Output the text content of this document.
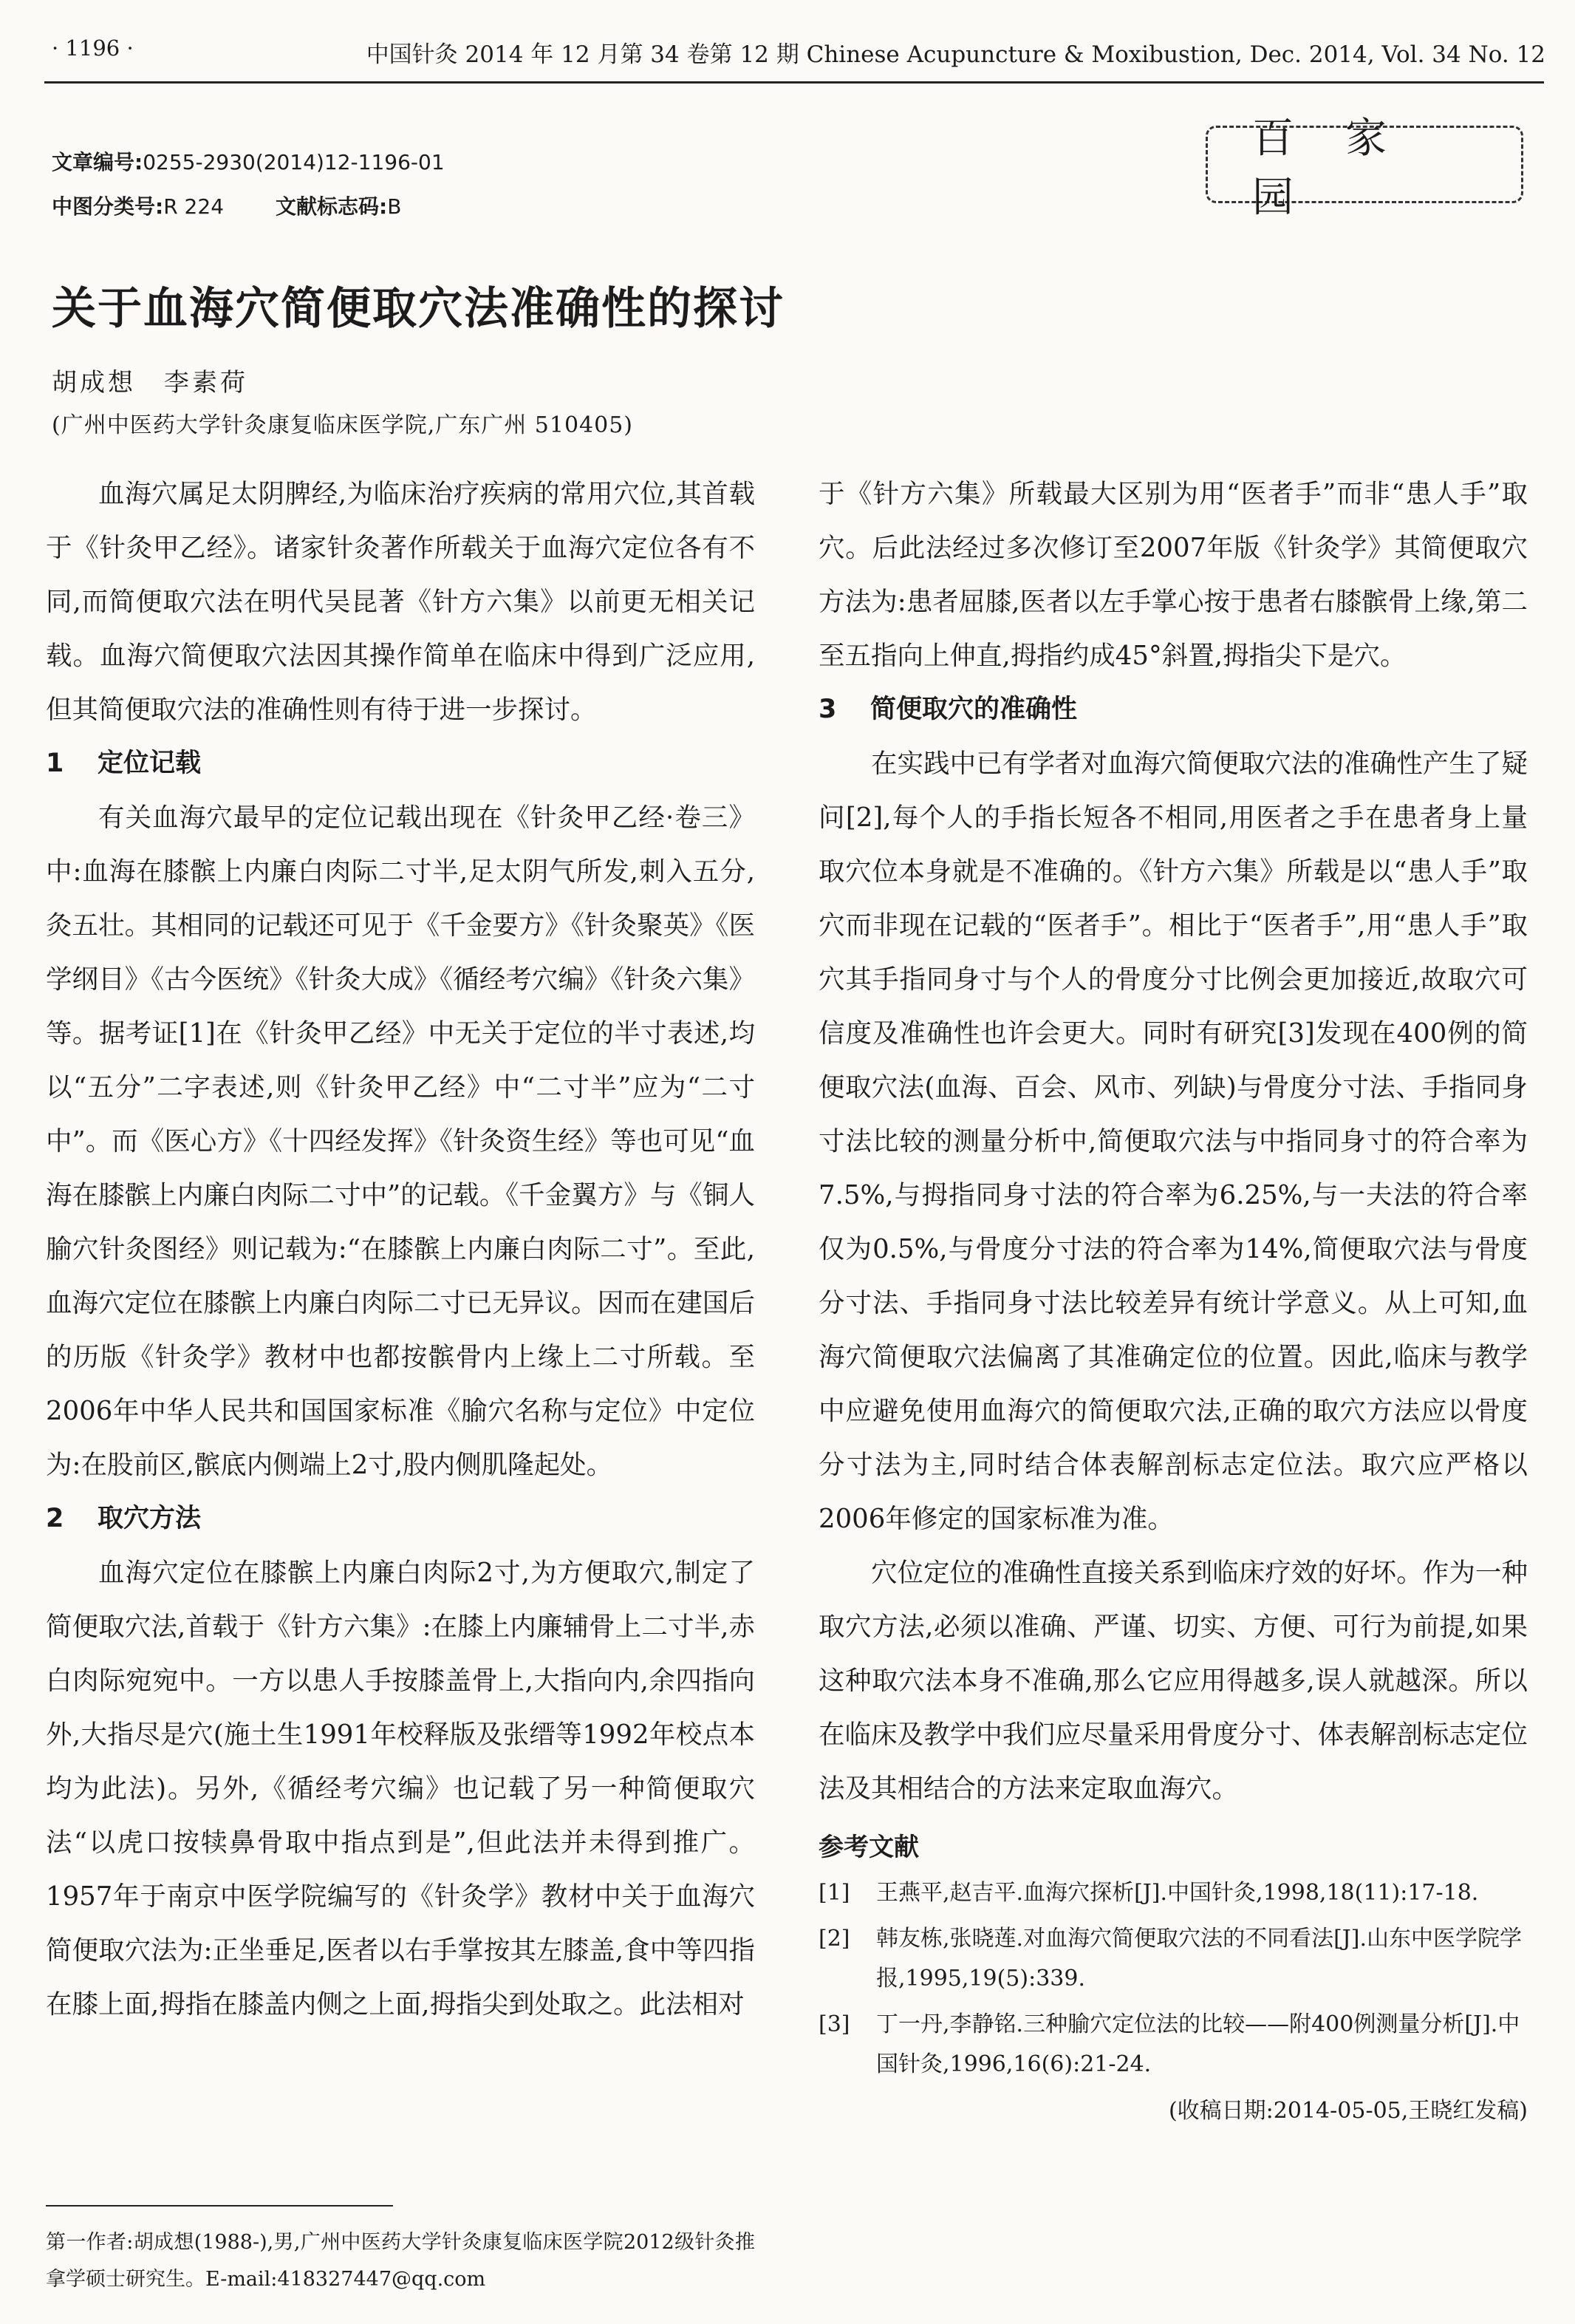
· 1196 ·	中国针灸 2014 年 12 月第 34 卷第 12 期 Chinese Acupuncture & Moxibustion, Dec. 2014, Vol. 34 No. 12
文章编号:0255-2930(2014)12-1196-01
中图分类号:R 224	文献标志码:B
百家园
关于血海穴简便取穴法准确性的探讨
胡成想　李素荷
(广州中医药大学针灸康复临床医学院,广东广州 510405)

血海穴属足太阴脾经,为临床治疗疾病的常用穴位,其首载于《针灸甲乙经》。诸家针灸著作所载关于血海穴定位各有不同,而简便取穴法在明代吴昆著《针方六集》以前更无相关记载。血海穴简便取穴法因其操作简单在临床中得到广泛应用,但其简便取穴法的准确性则有待于进一步探讨。

1 定位记载

有关血海穴最早的定位记载出现在《针灸甲乙经·卷三》中:血海在膝髌上内廉白肉际二寸半,足太阴气所发,刺入五分,灸五壮。其相同的记载还可见于《千金要方》《针灸聚英》《医学纲目》《古今医统》《针灸大成》《循经考穴编》《针灸六集》等。据考证[1]在《针灸甲乙经》中无关于定位的半寸表述,均以“五分”二字表述,则《针灸甲乙经》中“二寸半”应为“二寸中”。而《医心方》《十四经发挥》《针灸资生经》等也可见“血海在膝髌上内廉白肉际二寸中”的记载。《千金翼方》与《铜人腧穴针灸图经》则记载为:“在膝髌上内廉白肉际二寸”。至此,血海穴定位在膝髌上内廉白肉际二寸已无异议。因而在建国后的历版《针灸学》教材中也都按髌骨内上缘上二寸所载。至2006年中华人民共和国国家标准《腧穴名称与定位》中定位为:在股前区,髌底内侧端上2寸,股内侧肌隆起处。

2 取穴方法

血海穴定位在膝髌上内廉白肉际2寸,为方便取穴,制定了简便取穴法,首载于《针方六集》:在膝上内廉辅骨上二寸半,赤白肉际宛宛中。一方以患人手按膝盖骨上,大指向内,余四指向外,大指尽是穴(施土生1991年校释版及张缙等1992年校点本均为此法)。另外,《循经考穴编》也记载了另一种简便取穴法“以虎口按犊鼻骨取中指点到是”,但此法并未得到推广。1957年于南京中医学院编写的《针灸学》教材中关于血海穴简便取穴法为:正坐垂足,医者以右手掌按其左膝盖,食中等四指在膝上面,拇指在膝盖内侧之上面,拇指尖到处取之。此法相对

于《针方六集》所载最大区别为用“医者手”而非“患人手”取穴。后此法经过多次修订至2007年版《针灸学》其简便取穴方法为:患者屈膝,医者以左手掌心按于患者右膝髌骨上缘,第二至五指向上伸直,拇指约成45°斜置,拇指尖下是穴。

3 简便取穴的准确性

在实践中已有学者对血海穴简便取穴法的准确性产生了疑问[2],每个人的手指长短各不相同,用医者之手在患者身上量取穴位本身就是不准确的。《针方六集》所载是以“患人手”取穴而非现在记载的“医者手”。相比于“医者手”,用“患人手”取穴其手指同身寸与个人的骨度分寸比例会更加接近,故取穴可信度及准确性也许会更大。同时有研究[3]发现在400例的简便取穴法(血海、百会、风市、列缺)与骨度分寸法、手指同身寸法比较的测量分析中,简便取穴法与中指同身寸的符合率为7.5%,与拇指同身寸法的符合率为6.25%,与一夫法的符合率仅为0.5%,与骨度分寸法的符合率为14%,简便取穴法与骨度分寸法、手指同身寸法比较差异有统计学意义。从上可知,血海穴简便取穴法偏离了其准确定位的位置。因此,临床与教学中应避免使用血海穴的简便取穴法,正确的取穴方法应以骨度分寸法为主,同时结合体表解剖标志定位法。取穴应严格以2006年修定的国家标准为准。

穴位定位的准确性直接关系到临床疗效的好坏。作为一种取穴方法,必须以准确、严谨、切实、方便、可行为前提,如果这种取穴法本身不准确,那么它应用得越多,误人就越深。所以在临床及教学中我们应尽量采用骨度分寸、体表解剖标志定位法及其相结合的方法来定取血海穴。

参考文献
[1]	王燕平,赵吉平.血海穴探析[J].中国针灸,1998,18(11):17-18.
[2]	韩友栋,张晓莲.对血海穴简便取穴法的不同看法[J].山东中医学院学报,1995,19(5):339.
[3]	丁一丹,李静铭.三种腧穴定位法的比较——附400例测量分析[J].中国针灸,1996,16(6):21-24.
(收稿日期:2014-05-05,王晓红发稿)
第一作者:胡成想(1988-),男,广州中医药大学针灸康复临床医学院2012级针灸推拿学硕士研究生。E-mail:418327447@qq.com
